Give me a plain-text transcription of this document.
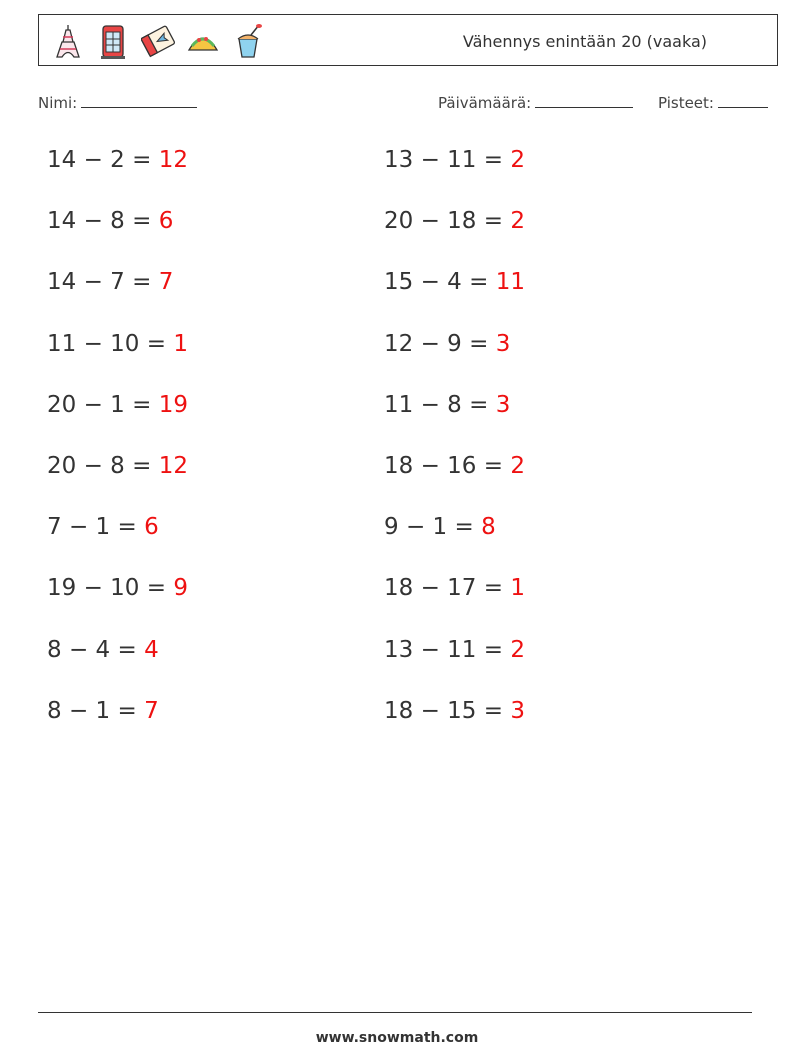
Vähennys enintään 20 (vaaka)
Nimi:	Päivämäärä:	Pisteet:
14 − 2 = 12
14 − 8 = 6
14 − 7 = 7
11 − 10 = 1
20 − 1 = 19
20 − 8 = 12
7 − 1 = 6
19 − 10 = 9
8 − 4 = 4
8 − 1 = 7
13 − 11 = 2
20 − 18 = 2
15 − 4 = 11
12 − 9 = 3
11 − 8 = 3
18 − 16 = 2
9 − 1 = 8
18 − 17 = 1
13 − 11 = 2
18 − 15 = 3
www.snowmath.com
